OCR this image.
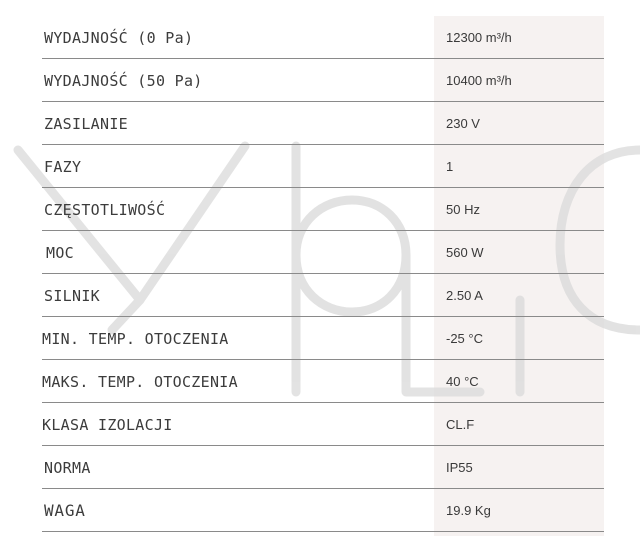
WYDAJNOŚĆ (0 Pa)	12300 m³/h
WYDAJNOŚĆ (50 Pa)	10400 m³/h
ZASILANIE	230 V
FAZY	1
CZĘSTOTLIWOŚĆ	50 Hz
MOC	560 W
SILNIK	2.50 A
MIN. TEMP. OTOCZENIA	-25 °C
MAKS. TEMP. OTOCZENIA	40 °C
KLASA IZOLACJI	CL.F
NORMA	IP55
WAGA	19.9 Kg
